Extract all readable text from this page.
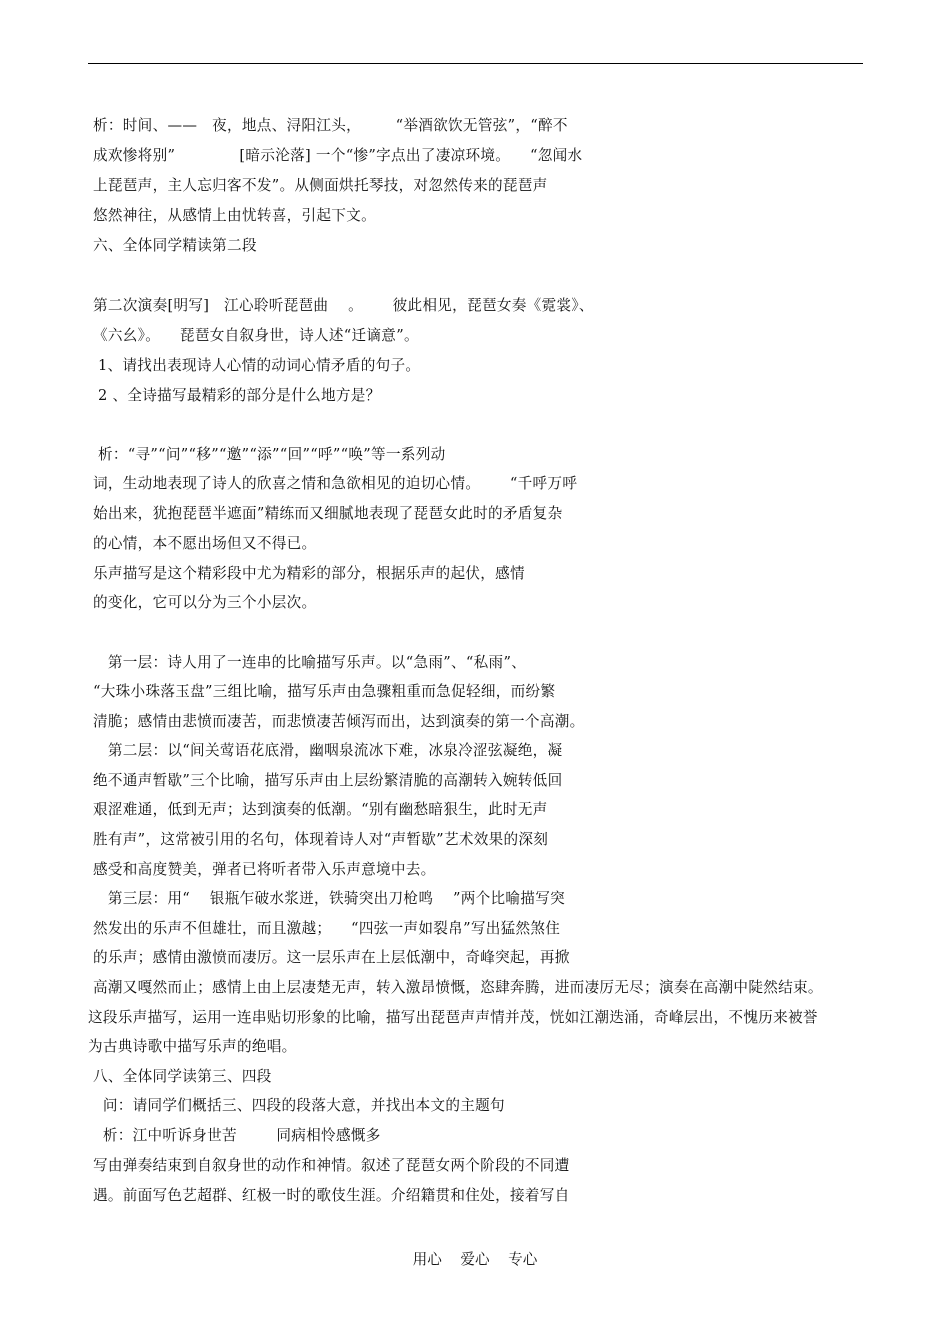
析：时间、——   夜，地点、浔阳江头，       “举酒欲饮无管弦”，“醉不
成欢惨将别”             [暗示沦落] 一个“惨”字点出了凄凉环境。    “忽闻水
上琵琶声，主人忘归客不发”。从侧面烘托琴技，对忽然传来的琵琶声
悠然神往，从感情上由忧转喜，引起下文。
六、全体同学精读第二段
第二次演奏[明写]   江心聆听琵琶曲    。      彼此相见，琵琶女奏《霓裳》、
《六幺》。    琵琶女自叙身世，诗人述“迁谪意”。
1、请找出表现诗人心情的动词心情矛盾的句子。
2 、全诗描写最精彩的部分是什么地方是？
析：“寻”“问”“移”“邀”“添”“回”“呼”“唤”等一系列动
词，生动地表现了诗人的欣喜之情和急欲相见的迫切心情。      “千呼万呼
始出来，犹抱琵琶半遮面”精练而又细腻地表现了琵琶女此时的矛盾复杂
的心情，本不愿出场但又不得已。
乐声描写是这个精彩段中尤为精彩的部分，根据乐声的起伏，感情
的变化，它可以分为三个小层次。
第一层：诗人用了一连串的比喻描写乐声。以“急雨”、“私雨”、
“大珠小珠落玉盘”三组比喻，描写乐声由急骤粗重而急促轻细，而纷繁
清脆；感情由悲愤而凄苦，而悲愤凄苦倾泻而出，达到演奏的第一个高潮。
第二层：以“间关莺语花底滑，幽咽泉流冰下难，冰泉冷涩弦凝绝，凝
绝不通声暂歇”三个比喻，描写乐声由上层纷繁清脆的高潮转入婉转低回
艰涩难通，低到无声；达到演奏的低潮。“别有幽愁暗狠生，此时无声
胜有声”，这常被引用的名句，体现着诗人对“声暂歇”艺术效果的深刻
感受和高度赞美，弹者已将听者带入乐声意境中去。
第三层：用“    银瓶乍破水浆迸，铁骑突出刀枪鸣    ”两个比喻描写突
然发出的乐声不但雄壮，而且激越；    “四弦一声如裂帛”写出猛然煞住
的乐声；感情由激愤而凄厉。这一层乐声在上层低潮中，奇峰突起，再掀
高潮又嘎然而止；感情上由上层凄楚无声，转入激昂愤慨，恣肆奔腾，进而凄厉无尽；演奏在高潮中陡然结束。
这段乐声描写，运用一连串贴切形象的比喻，描写出琵琶声声情并茂，恍如江潮迭涌，奇峰层出，不愧历来被誉
为古典诗歌中描写乐声的绝唱。
八、全体同学读第三、四段
问：请同学们概括三、四段的段落大意，并找出本文的主题句
析：江中听诉身世苦        同病相怜感慨多
写由弹奏结束到自叙身世的动作和神情。叙述了琵琶女两个阶段的不同遭
遇。前面写色艺超群、红极一时的歌伎生涯。介绍籍贯和住处，接着写自
用心    爱心    专心
